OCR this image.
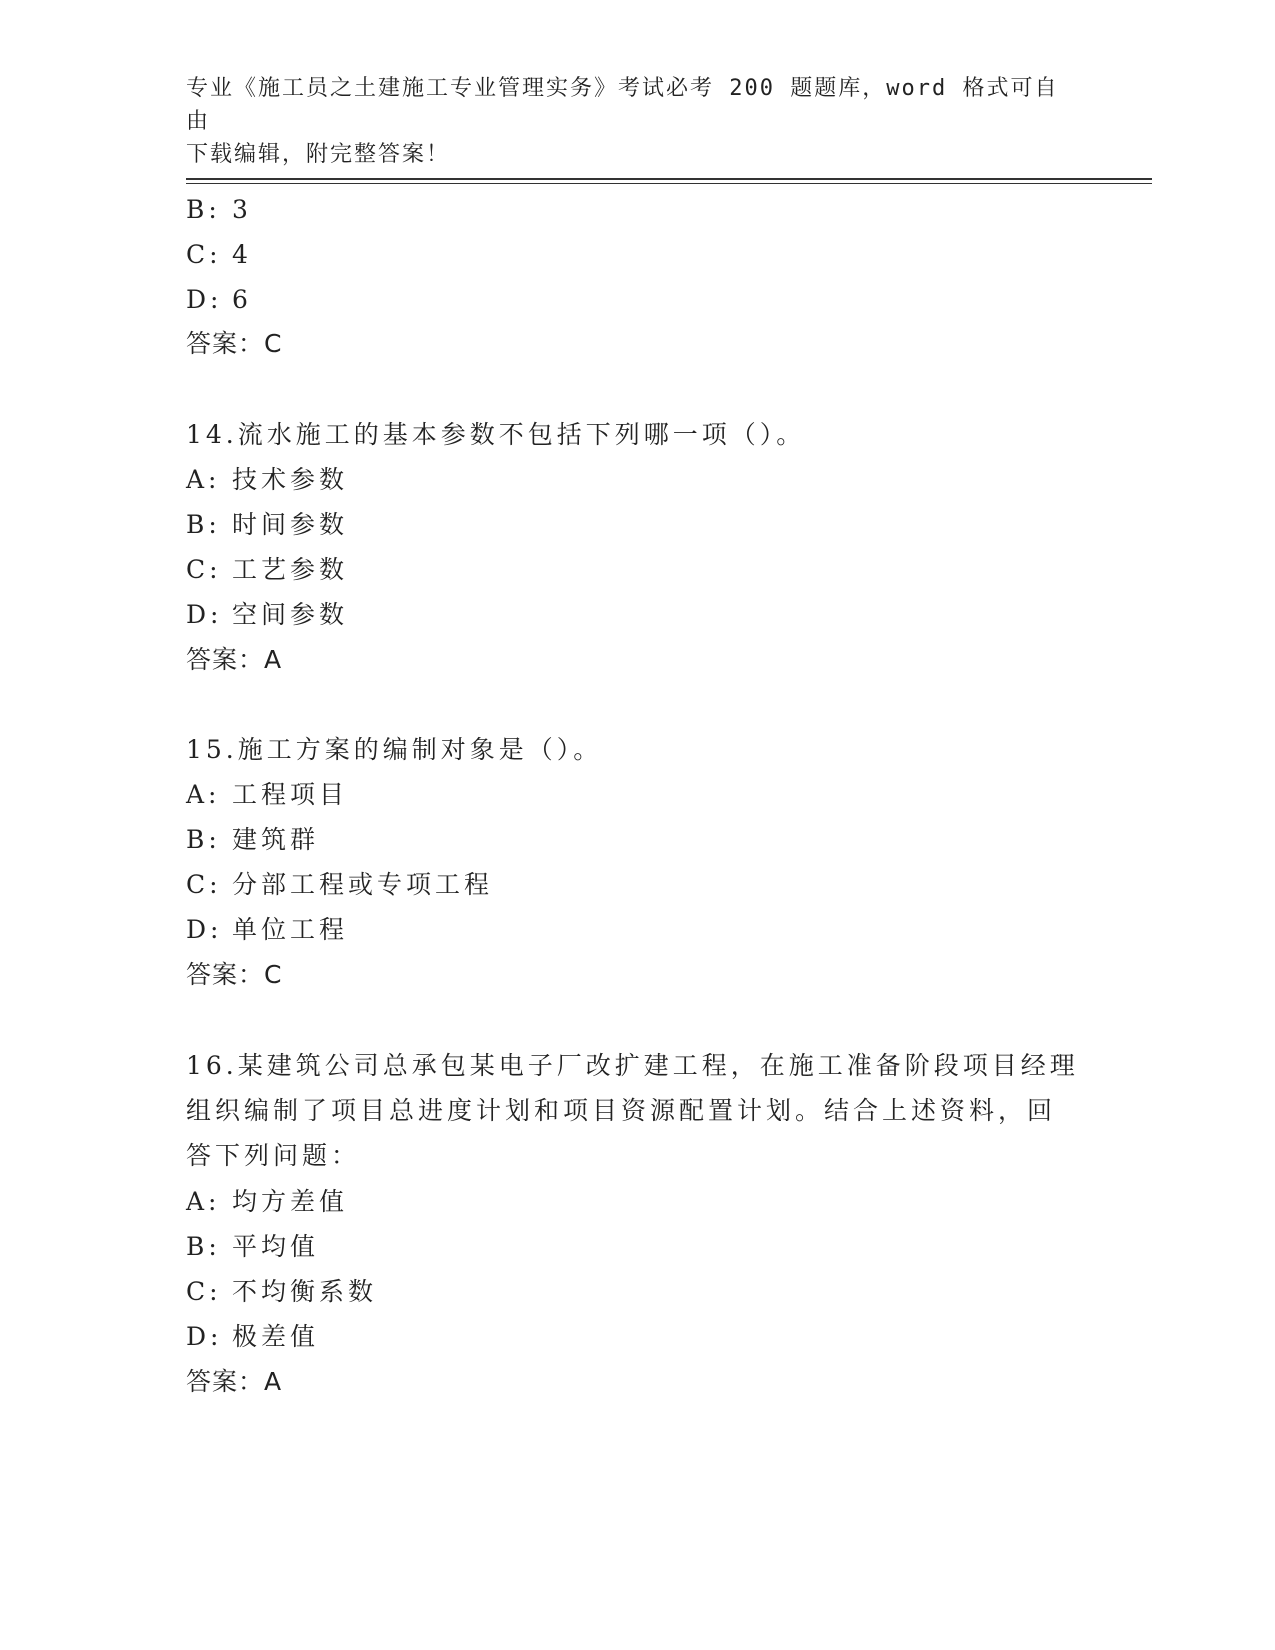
专业《施工员之土建施工专业管理实务》考试必考 200 题题库，word 格式可自由
下载编辑，附完整答案！
B: 3
C: 4
D: 6
答案：C
14.流水施工的基本参数不包括下列哪一项（）。
A: 技术参数
B: 时间参数
C: 工艺参数
D: 空间参数
答案：A
15.施工方案的编制对象是（）。
A: 工程项目
B: 建筑群
C: 分部工程或专项工程
D: 单位工程
答案：C
16.某建筑公司总承包某电子厂改扩建工程，在施工准备阶段项目经理
组织编制了项目总进度计划和项目资源配置计划。结合上述资料，回
答下列问题：
A: 均方差值
B: 平均值
C: 不均衡系数
D: 极差值
答案：A
